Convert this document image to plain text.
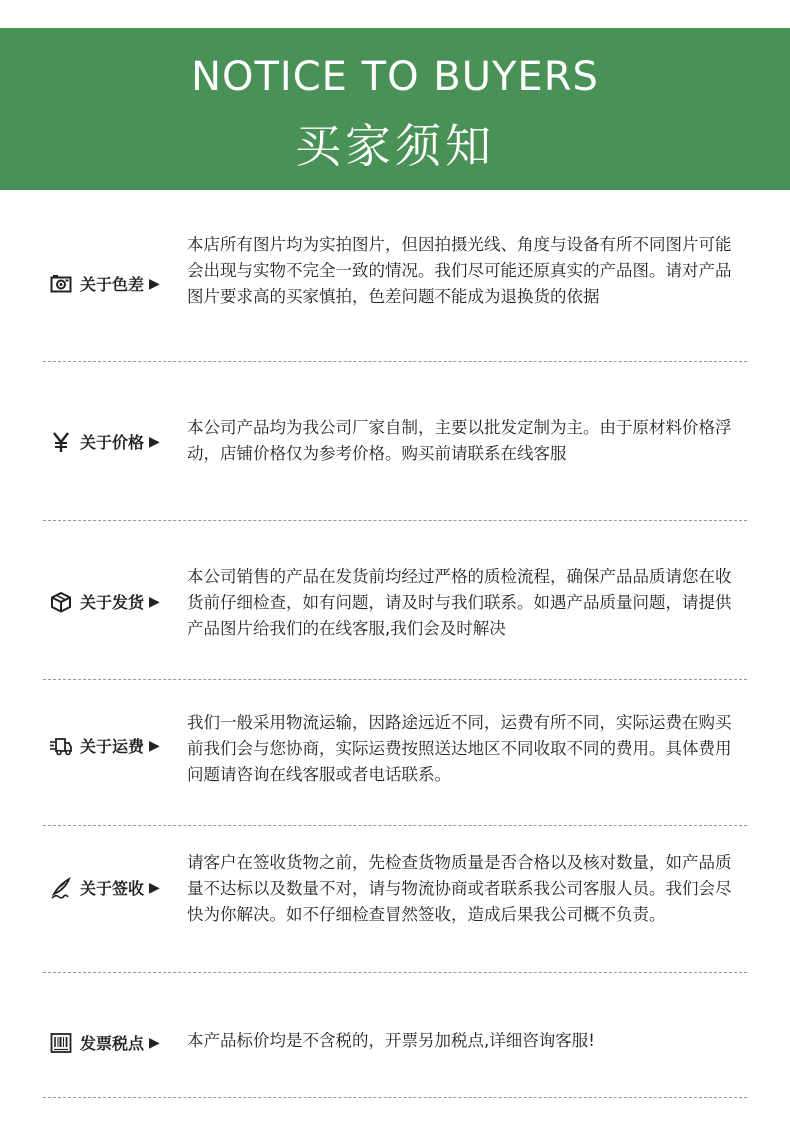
NOTICE TO BUYERS
买家须知
关于色差 ▶
本店所有图片均为实拍图片，但因拍摄光线、角度与设备有所不同图片可能会出现与实物不完全一致的情况。我们尽可能还原真实的产品图。请对产品图片要求高的买家慎拍，色差问题不能成为退换货的依据
关于价格 ▶
本公司产品均为我公司厂家自制，主要以批发定制为主。由于原材料价格浮动，店铺价格仅为参考价格。购买前请联系在线客服
关于发货 ▶
本公司销售的产品在发货前均经过严格的质检流程，确保产品品质请您在收货前仔细检查，如有问题，请及时与我们联系。如遇产品质量问题，请提供产品图片给我们的在线客服,我们会及时解决
关于运费 ▶
我们一般采用物流运输，因路途远近不同，运费有所不同，实际运费在购买前我们会与您协商，实际运费按照送达地区不同收取不同的费用。具体费用问题请咨询在线客服或者电话联系。
关于签收 ▶
请客户在签收货物之前，先检查货物质量是否合格以及核对数量，如产品质量不达标以及数量不对，请与物流协商或者联系我公司客服人员。我们会尽快为你解决。如不仔细检查冒然签收，造成后果我公司概不负责。
发票税点 ▶ 本产品标价均是不含税的，开票另加税点,详细咨询客服!
